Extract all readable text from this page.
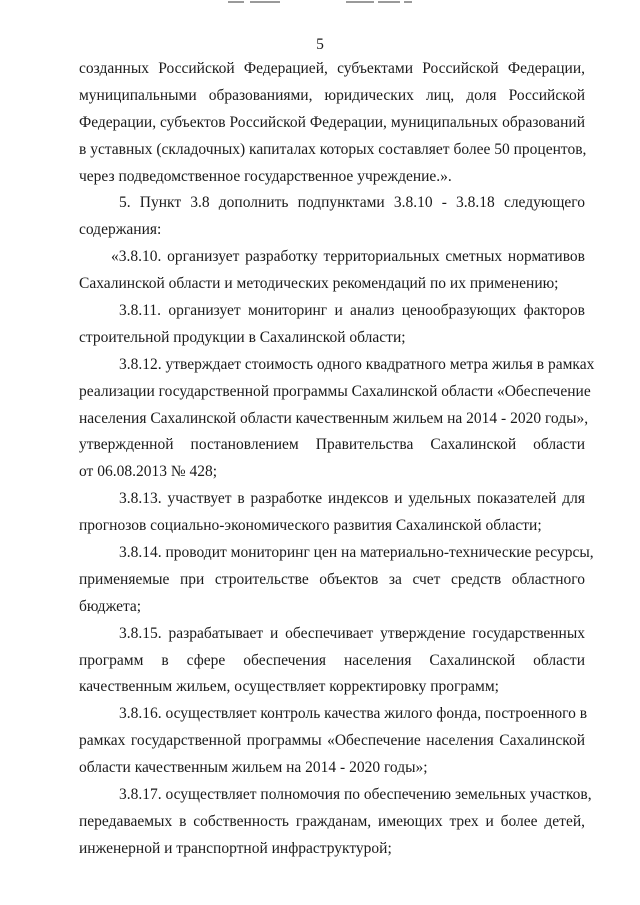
5

созданных Российской Федерацией, субъектами Российской Федерации,
муниципальными образованиями, юридических лиц, доля Российской
Федерации, субъектов Российской Федерации, муниципальных образований
в уставных (складочных) капиталах которых составляет более 50 процентов,
через подведомственное государственное учреждение.».
5. Пункт 3.8 дополнить подпунктами 3.8.10 - 3.8.18 следующего
содержания:
«3.8.10. организует разработку территориальных сметных нормативов
Сахалинской области и методических рекомендаций по их применению;
3.8.11. организует мониторинг и анализ ценообразующих факторов
строительной продукции в Сахалинской области;
3.8.12. утверждает стоимость одного квадратного метра жилья в рамках
реализации государственной программы Сахалинской области «Обеспечение
населения Сахалинской области качественным жильем на 2014 - 2020 годы»,
утвержденной постановлением Правительства Сахалинской области
от 06.08.2013 № 428;
3.8.13. участвует в разработке индексов и удельных показателей для
прогнозов социально-экономического развития Сахалинской области;
3.8.14. проводит мониторинг цен на материально-технические ресурсы,
применяемые при строительстве объектов за счет средств областного
бюджета;
3.8.15. разрабатывает и обеспечивает утверждение государственных
программ в сфере обеспечения населения Сахалинской области
качественным жильем, осуществляет корректировку программ;
3.8.16. осуществляет контроль качества жилого фонда, построенного в
рамках государственной программы «Обеспечение населения Сахалинской
области качественным жильем на 2014 - 2020 годы»;
3.8.17. осуществляет полномочия по обеспечению земельных участков,
передаваемых в собственность гражданам, имеющих трех и более детей,
инженерной и транспортной инфраструктурой;
